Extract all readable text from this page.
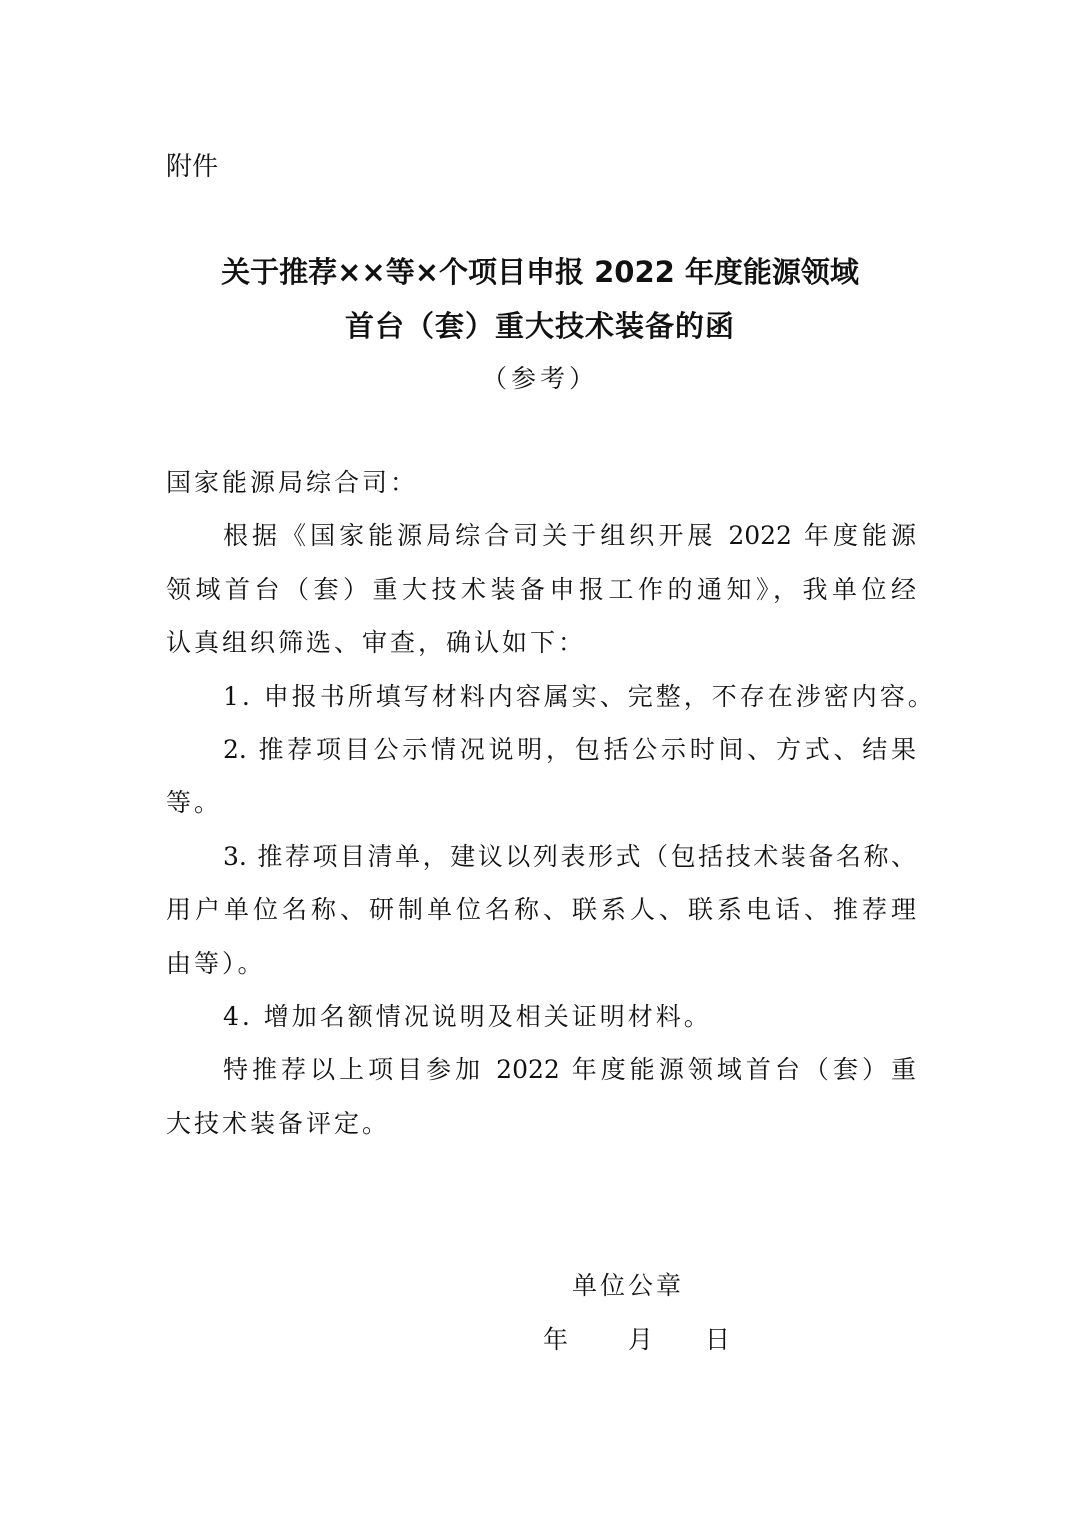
附件
关于推荐××等×个项目申报 2022 年度能源领域
首台（套）重大技术装备的函
（参考）
国家能源局综合司：
根据《国家能源局综合司关于组织开展 2022 年度能源
领域首台（套）重大技术装备申报工作的通知》，我单位经
认真组织筛选、审查，确认如下：
1. 申报书所填写材料内容属实、完整，不存在涉密内容。
2. 推荐项目公示情况说明，包括公示时间、方式、结果
等。
3. 推荐项目清单，建议以列表形式（包括技术装备名称、
用户单位名称、研制单位名称、联系人、联系电话、推荐理
由等）。
4. 增加名额情况说明及相关证明材料。
特推荐以上项目参加 2022 年度能源领域首台（套）重
大技术装备评定。
单位公章
年 月 日
